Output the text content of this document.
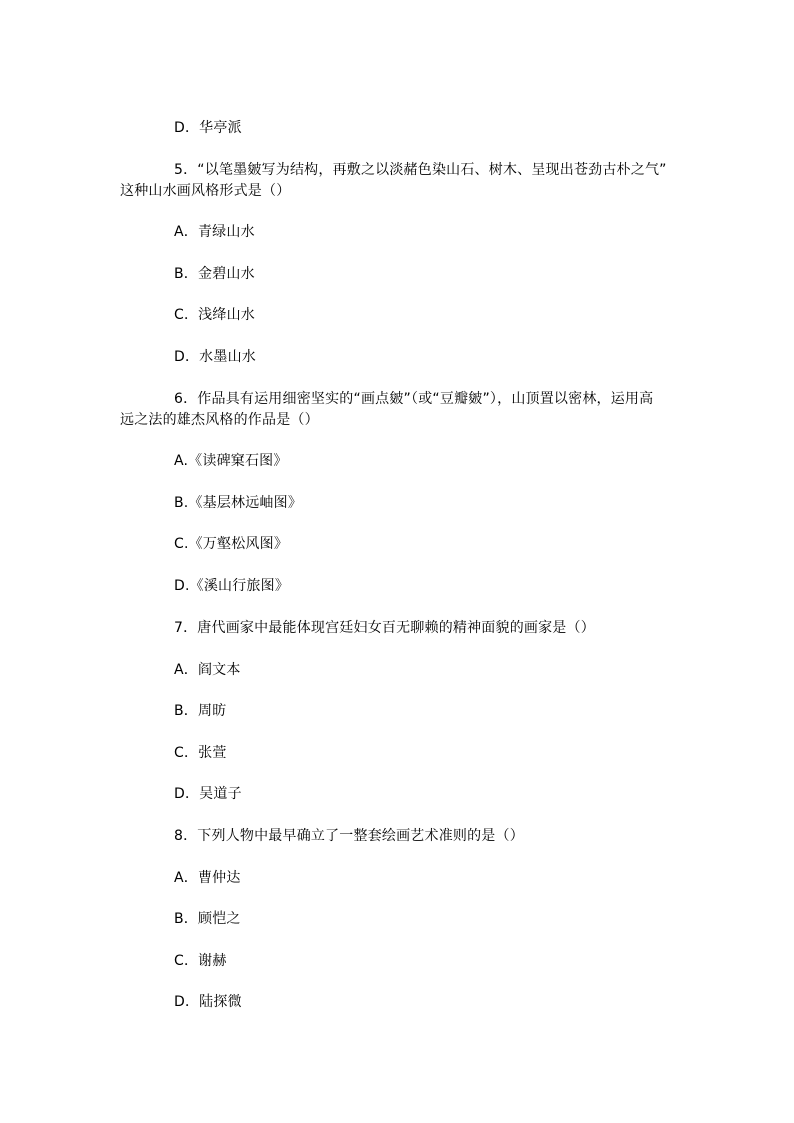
D．华亭派
5．“以笔墨皴写为结构，再敷之以淡赭色染山石、树木、呈现出苍劲古朴之气”
这种山水画风格形式是（）
A．青绿山水
B．金碧山水
C．浅绛山水
D．水墨山水
6．作品具有运用细密坚实的“画点皴”（或“豆瓣皴”），山顶置以密林，运用高
远之法的雄杰风格的作品是（）
A.《读碑窠石图》
B.《基层林远岫图》
C.《万壑松风图》
D.《溪山行旅图》
7．唐代画家中最能体现宫廷妇女百无聊赖的精神面貌的画家是（）
A．阎文本
B．周昉
C．张萱
D．吴道子
8．下列人物中最早确立了一整套绘画艺术准则的是（）
A．曹仲达
B．顾恺之
C．谢赫
D．陆探微
